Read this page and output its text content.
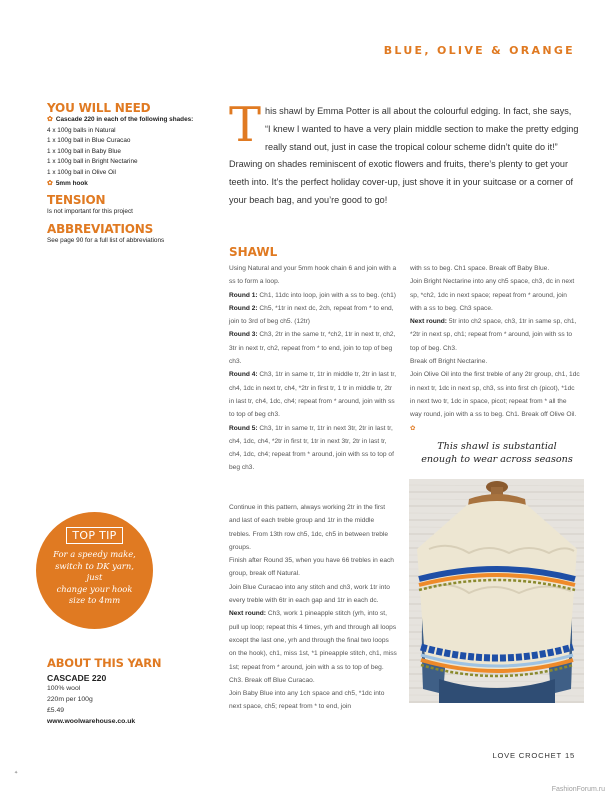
BLUE, OLIVE & ORANGE
YOU WILL NEED
✿ Cascade 220 in each of the following shades:
4 x 100g balls in Natural
1 x 100g ball in Blue Curacao
1 x 100g ball in Baby Blue
1 x 100g ball in Bright Nectarine
1 x 100g ball in Olive Oil
✿ 5mm hook
TENSION
Is not important for this project
ABBREVIATIONS
See page 90 for a full list of abbreviations
TOP TIP
For a speedy make,
switch to DK yarn, just
change your hook
size to 4mm
ABOUT THIS YARN
CASCADE 220
100% wool
220m per 100g
£5.49
www.woolwarehouse.co.uk
This shawl by Emma Potter is all about the colourful edging. In fact, she says, “I knew I wanted to have a very plain middle section to make the pretty edging really stand out, just in case the tropical colour scheme didn’t quite do it!” Drawing on shades reminiscent of exotic flowers and fruits, there’s plenty to get your teeth into. It’s the perfect holiday cover-up, just shove it in your suitcase or a corner of your beach bag, and you’re good to go!
SHAWL

Using Natural and your 5mm hook chain 6 and join with a ss to form a loop.

Round 1: Ch1, 11dc into loop, join with a ss to beg. (ch1)

Round 2: Ch5, *1tr in next dc, 2ch, repeat from * to end, join to 3rd of beg ch5. (12tr)

Round 3: Ch3, 2tr in the same tr, *ch2, 1tr in next tr, ch2, 3tr in next tr, ch2, repeat from * to end, join to top of beg ch3.

Round 4: Ch3, 1tr in same tr, 1tr in middle tr, 2tr in last tr, ch4, 1dc in next tr, ch4, *2tr in first tr, 1 tr in middle tr, 2tr in last tr, ch4, 1dc, ch4; repeat from * around, join with ss to top of beg ch3.

Round 5: Ch3, 1tr in same tr, 1tr in next 3tr, 2tr in last tr, ch4, 1dc, ch4, *2tr in first tr, 1tr in next 3tr, 2tr in last tr, ch4, 1dc, ch4; repeat from * around, join with ss to top of beg ch3.

Continue in this pattern, always working 2tr in the first and last of each treble group and 1tr in the middle trebles. From 13th row ch5, 1dc, ch5 in between treble groups.

Finish after Round 35, when you have 66 trebles in each group, break off Natural.

Join Blue Curacao into any stitch and ch3, work 1tr into every treble with 6tr in each gap and 1tr in each dc.

Next round: Ch3, work 1 pineapple stitch (yrh, into st, pull up loop; repeat this 4 times, yrh and through all loops except the last one, yrh and through the final two loops on the hook), ch1, miss 1st, *1 pineapple stitch, ch1, miss 1st; repeat from * around, join with a ss to top of beg. Ch3. Break off Blue Curacao.

Join Baby Blue into any 1ch space and ch5, *1dc into next space, ch5; repeat from * to end, join

with ss to beg. Ch1 space. Break off Baby Blue.

Join Bright Nectarine into any ch5 space, ch3, dc in next sp, *ch2, 1dc in next space; repeat from * around, join with a ss to beg. Ch3 space.

Next round: 5tr into ch2 space, ch3, 1tr in same sp, ch1, *2tr in next sp, ch1; repeat from * around, join with ss to top of beg. Ch3.

Break off Bright Nectarine.

Join Olive Oil into the first treble of any 2tr group, ch1, 1dc in next tr, 1dc in next sp, ch3, ss into first ch (picot), *1dc in next two tr, 1dc in space, picot; repeat from * all the way round, join with a ss to beg. Ch1. Break off Olive Oil. ✿

This shawl is substantial
enough to wear across seasons
LOVE CROCHET 15
FashionForum.ru
✦
